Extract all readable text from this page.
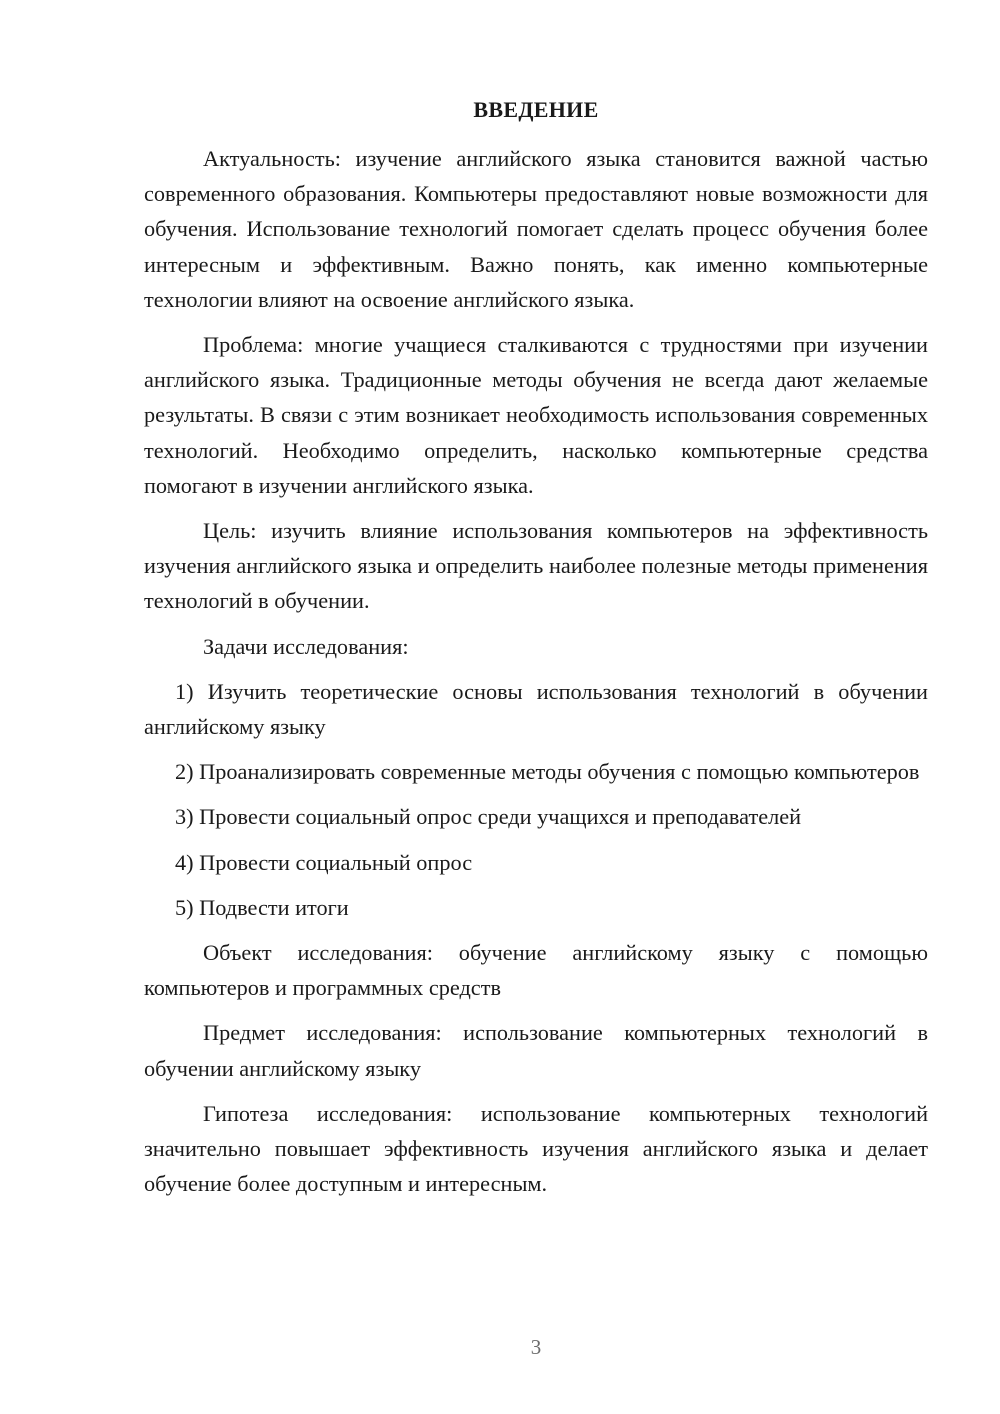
ВВЕДЕНИЕ

Актуальность: изучение английского языка становится важной частью современного образования. Компьютеры предоставляют новые возможности для обучения. Использование технологий помогает сделать процесс обучения более интересным и эффективным. Важно понять, как именно компьютерные технологии влияют на освоение английского языка.

Проблема: многие учащиеся сталкиваются с трудностями при изучении английского языка. Традиционные методы обучения не всегда дают желаемые результаты. В связи с этим возникает необходимость использования современных технологий. Необходимо определить, насколько компьютерные средства помогают в изучении английского языка.

Цель: изучить влияние использования компьютеров на эффективность изучения английского языка и определить наиболее полезные методы применения технологий в обучении.

Задачи исследования:

1) Изучить теоретические основы использования технологий в обучении английскому языку

2) Проанализировать современные методы обучения с помощью компьютеров

3) Провести социальный опрос среди учащихся и преподавателей

4) Провести социальный опрос

5) Подвести итоги

Объект исследования: обучение английскому языку с помощью компьютеров и программных средств

Предмет исследования: использование компьютерных технологий в обучении английскому языку

Гипотеза исследования: использование компьютерных технологий значительно повышает эффективность изучения английского языка и делает обучение более доступным и интересным.

3
